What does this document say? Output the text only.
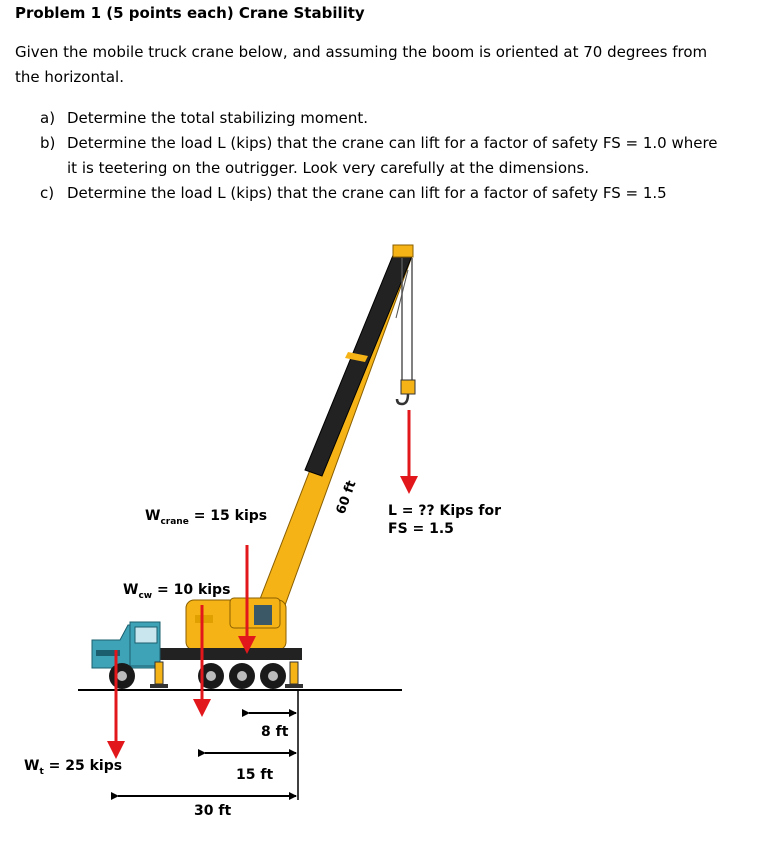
Problem 1 (5 points each) Crane Stability
Given the mobile truck crane below, and assuming the boom is oriented at 70 degrees from the horizontal.
a) Determine the total stabilizing moment.
b) Determine the load L (kips) that the crane can lift for a factor of safety FS = 1.0 where it is teetering on the outrigger. Look very carefully at the dimensions.
c) Determine the load L (kips) that the crane can lift for a factor of safety FS = 1.5
60 ft
$W_{crane} = 15$ kips
$W_{cw} = 10$ kips
$W_t = 25$ kips
L = ?? Kips for
FS = 1.5
8 ft
15 ft
30 ft
